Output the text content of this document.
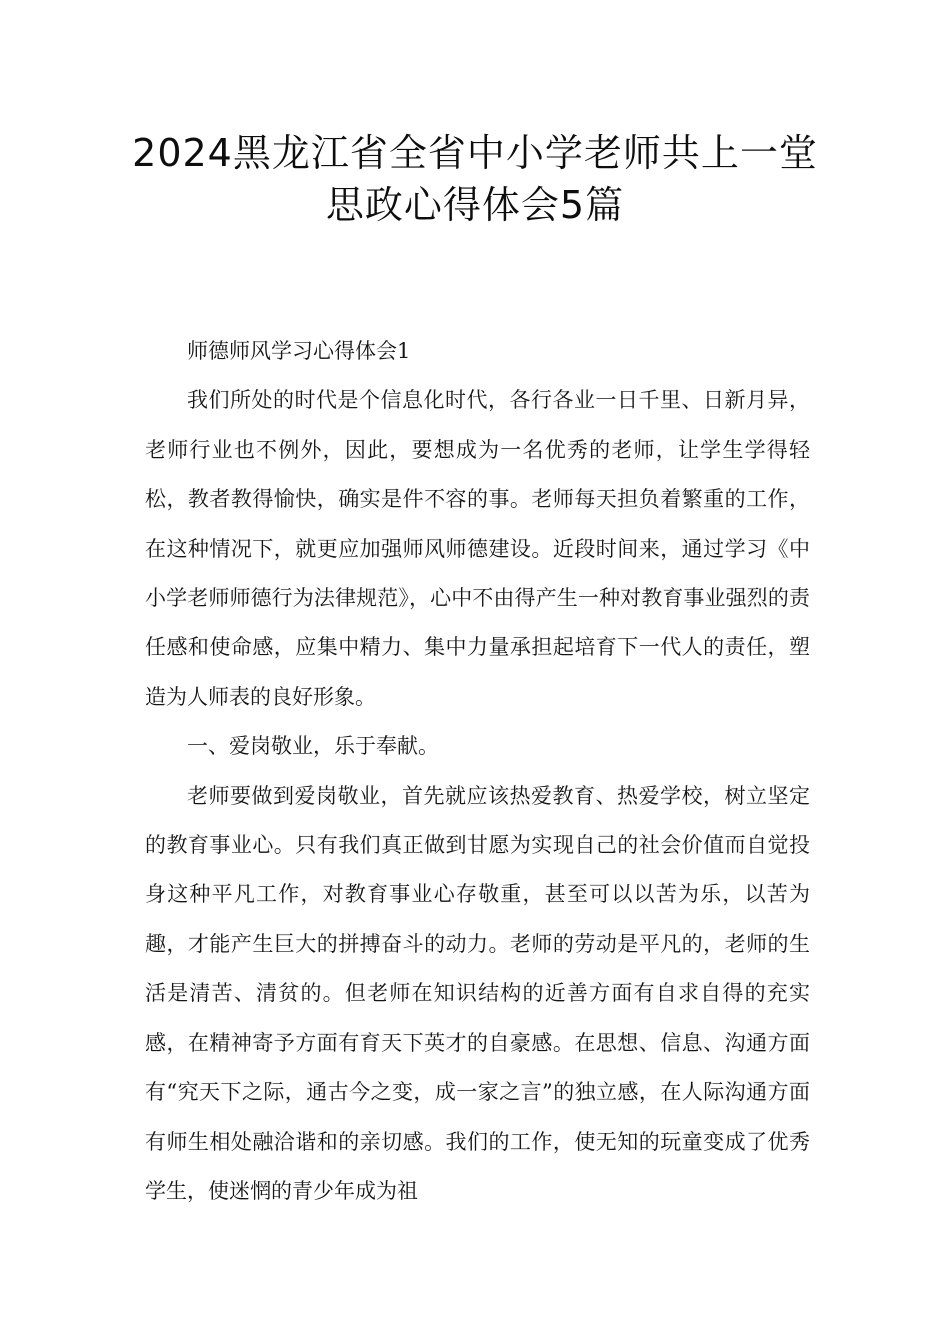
2024黑龙江省全省中小学老师共上一堂
思政心得体会5篇

师德师风学习心得体会1

我们所处的时代是个信息化时代，各行各业一日千里、日新月异，老师行业也不例外，因此，要想成为一名优秀的老师，让学生学得轻松，教者教得愉快，确实是件不容的事。老师每天担负着繁重的工作，在这种情况下，就更应加强师风师德建设。近段时间来，通过学习《中小学老师师德行为法律规范》，心中不由得产生一种对教育事业强烈的责任感和使命感，应集中精力、集中力量承担起培育下一代人的责任，塑造为人师表的良好形象。

一、爱岗敬业，乐于奉献。

老师要做到爱岗敬业，首先就应该热爱教育、热爱学校，树立坚定的教育事业心。只有我们真正做到甘愿为实现自己的社会价值而自觉投身这种平凡工作，对教育事业心存敬重，甚至可以以苦为乐，以苦为趣，才能产生巨大的拼搏奋斗的动力。老师的劳动是平凡的，老师的生活是清苦、清贫的。但老师在知识结构的近善方面有自求自得的充实感，在精神寄予方面有育天下英才的自豪感。在思想、信息、沟通方面有“究天下之际，通古今之变，成一家之言”的独立感，在人际沟通方面有师生相处融洽谐和的亲切感。我们的工作，使无知的玩童变成了优秀学生，使迷惘的青少年成为祖
